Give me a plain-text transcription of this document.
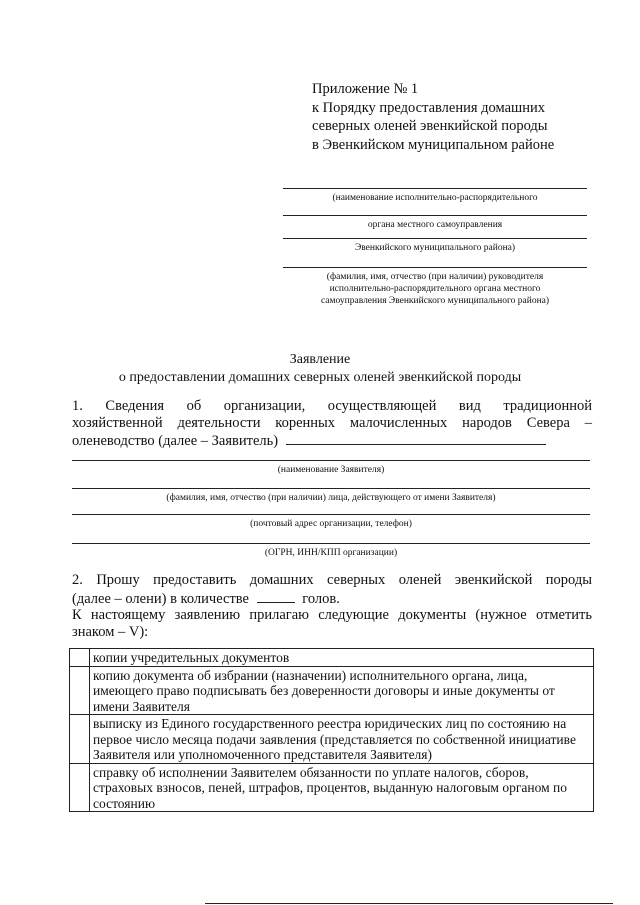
Приложение № 1
к Порядку предоставления домашних
северных оленей эвенкийской породы
в Эвенкийском муниципальном районе
(наименование исполнительно-распорядительного
органа местного самоуправления
Эвенкийского муниципального района)
(фамилия, имя, отчество (при наличии) руководителя
исполнительно-распорядительного органа местного
самоуправления Эвенкийского муниципального района)
Заявление
о предоставлении домашних северных оленей эвенкийской породы
1. Сведения об организации, осуществляющей вид традиционной
хозяйственной деятельности коренных малочисленных народов Севера –
оленеводство (далее – Заявитель)
(наименование Заявителя)
(фамилия, имя, отчество (при наличии) лица, действующего от имени Заявителя)
(почтовый адрес организации, телефон)
(ОГРН, ИНН/КПП организации)
2. Прошу предоставить домашних северных оленей эвенкийской породы
(далее – олени) в количестве	голов.
К настоящему заявлению прилагаю следующие документы (нужное отметить
знаком – V):
	копии учредительных документов
	копию документа об избрании (назначении) исполнительного органа, лица, имеющего право подписывать без доверенности договоры и иные документы от имени Заявителя
	выписку из Единого государственного реестра юридических лиц по состоянию на первое число месяца подачи заявления (представляется по собственной инициативе Заявителя или уполномоченного представителя Заявителя)
	справку об исполнении Заявителем обязанности по уплате налогов, сборов, страховых взносов, пеней, штрафов, процентов, выданную налоговым органом по состоянию
